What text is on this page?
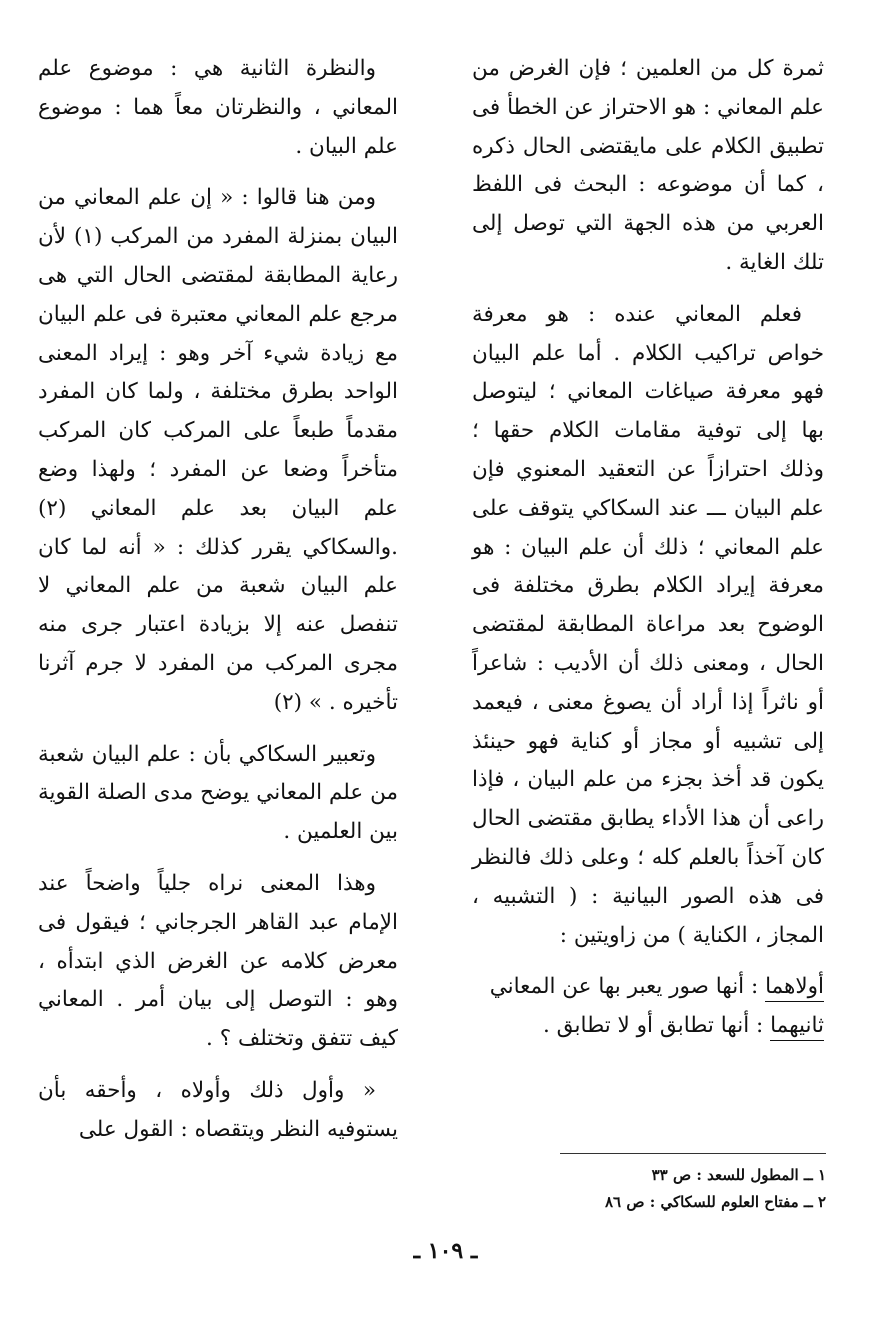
ثمرة كل من العلمين ؛ فإن الغرض من علم المعاني : هو الاحتراز عن الخطأ فى تطبيق الكلام على مايقتضى الحال ذكره ، كما أن موضوعه : البحث فى اللفظ العربي من هذه الجهة التي توصل إلى تلك الغاية .

فعلم المعاني عنده : هو معرفة خواص تراكيب الكلام . أما علم البيان فهو معرفة صياغات المعاني ؛ ليتوصل بها إلى توفية مقامات الكلام حقها ؛ وذلك احترازاً عن التعقيد المعنوي فإن علم البيان ـــ عند السكاكي يتوقف على علم المعاني ؛ ذلك أن علم البيان : هو معرفة إيراد الكلام بطرق مختلفة فى الوضوح بعد مراعاة المطابقة لمقتضى الحال ، ومعنى ذلك أن الأديب : شاعراً أو ناثراً إذا أراد أن يصوغ معنى ، فيعمد إلى تشبيه أو مجاز أو كناية فهو حينئذ يكون قد أخذ بجزء من علم البيان ، فإذا راعى أن هذا الأداء يطابق مقتضى الحال كان آخذاً بالعلم كله ؛ وعلى ذلك فالنظر فى هذه الصور البيانية : ( التشبيه ، المجاز ، الكناية ) من زاويتين :

أولاهما : أنها صور يعبر بها عن المعاني
ثانيهما : أنها تطابق أو لا تطابق .

والنظرة الثانية هي : موضوع علم المعاني ، والنظرتان معاً هما : موضوع علم البيان .

ومن هنا قالوا : « إن علم المعاني من البيان بمنزلة المفرد من المركب (١) لأن رعاية المطابقة لمقتضى الحال التي هى مرجع علم المعاني معتبرة فى علم البيان مع زيادة شيء آخر وهو : إيراد المعنى الواحد بطرق مختلفة ، ولما كان المفرد مقدماً طبعاً على المركب كان المركب متأخراً وضعا عن المفرد ؛ ولهذا وضع علم البيان بعد علم المعاني (٢) .والسكاكي يقرر كذلك : « أنه لما كان علم البيان شعبة من علم المعاني لا تنفصل عنه إلا بزيادة اعتبار جرى منه مجرى المركب من المفرد لا جرم آثرنا تأخيره . » (٢)

وتعبير السكاكي بأن : علم البيان شعبة من علم المعاني يوضح مدى الصلة القوية بين العلمين .

وهذا المعنى نراه جلياً واضحاً عند الإمام عبد القاهر الجرجاني ؛ فيقول فى معرض كلامه عن الغرض الذي ابتدأه ، وهو : التوصل إلى بيان أمر . المعاني كيف تتفق وتختلف ؟ .

« وأول ذلك وأولاه ، وأحقه بأن يستوفيه النظر ويتقصاه : القول على

١ ــ المطول للسعد : ص ٣٣
٢ ــ مفتاح العلوم للسكاكي : ص ٨٦
ـ ١٠٩ ـ
